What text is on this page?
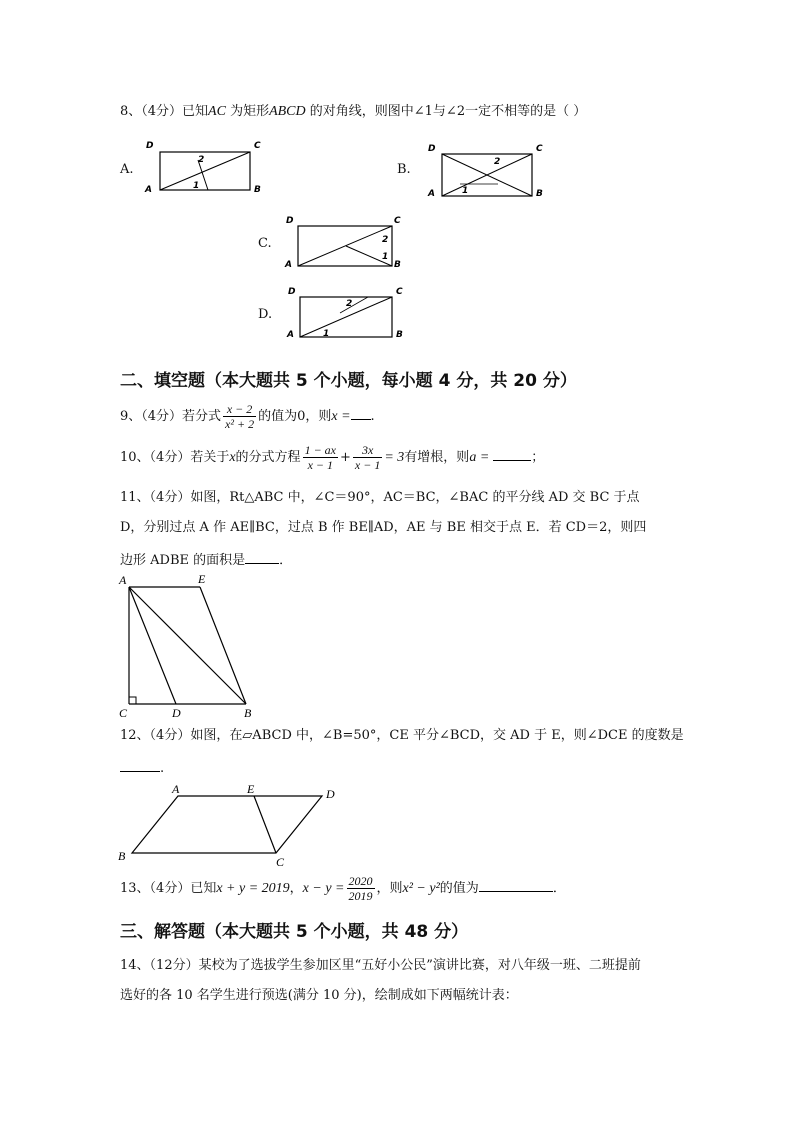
8、（4分）已知AC 为矩形ABCD 的对角线，则图中∠1与∠2一定不相等的是（ ）
A.
D	C
A	B
2
1
B.
D	C
A	B
2
1
C.
D	C
A	B
2
1
D.
D	C
A	B
2
1
二、填空题（本大题共 5 个小题，每小题 4 分，共 20 分）
9、（4分）若分式 $\frac{x - 2}{\text{x² + 2}}$ 的值为0，则x = .
10、（4分）若关于x的分式方程 $\frac{1 - ax}{x - 1} + \frac{3x}{x - 1} = 3$有增根，则a =	；
11、（4分）如图，Rt△ABC 中，∠C＝90°，AC＝BC，∠BAC 的平分线 AD 交 BC 于点
D，分别过点 A 作 AE∥BC，过点 B 作 BE∥AD，AE 与 BE 相交于点 E．若 CD＝2，则四
边形 ADBE 的面积是	．
A	E
C	D	B
12、（4分）如图，在▱ABCD 中，∠B=50°，CE 平分∠BCD，交 AD 于 E，则∠DCE 的度数是
.
A	E	D
B	C
13、（4分）已知x + y = 2019，$x - y = \frac{2020}{2019}$ ，则x² − y²的值为	．
三、解答题（本大题共 5 个小题，共 48 分）
14、（12分）某校为了选拔学生参加区里“五好小公民”演讲比赛，对八年级一班、二班提前
选好的各 10 名学生进行预选(满分 10 分)，绘制成如下两幅统计表：
